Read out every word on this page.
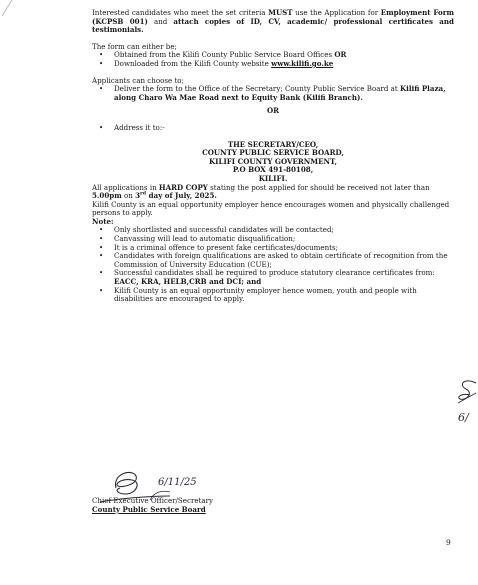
Interested candidates who meet the set criteria MUST use the Application for Employment Form (KCPSB 001) and attach copies of ID, CV, academic/ professional certificates and testimonials.

The form can either be;

• Obtained from the Kilifi County Public Service Board Offices OR
• Downloaded from the Kilifi County website www.kilifi.go.ke

Applicants can choose to;

• Deliver the form to the Office of the Secretary; County Public Service Board at Kilifi Plaza, along Charo Wa Mae Road next to Equity Bank (Kilifi Branch).

OR

• Address it to:-

THE SECRETARY/CEO,

COUNTY PUBLIC SERVICE BOARD,

KILIFI COUNTY GOVERNMENT,

P.O BOX 491-80108,

KILIFI.

All applications in HARD COPY stating the post applied for should be received not later than 5.00pm on 3rd day of July, 2025.

Kilifi County is an equal opportunity employer hence encourages women and physically challenged persons to apply.

Note:

• Only shortlisted and successful candidates will be contacted;
• Canvassing will lead to automatic disqualification;
• It is a criminal offence to present fake certificates/documents;
• Candidates with foreign qualifications are asked to obtain certificate of recognition from the Commission of University Education (CUE);
• Successful candidates shall be required to produce statutory clearance certificates from: EACC, KRA, HELB,CRB and DCI; and
• Kilifi County is an equal opportunity employer hence women, youth and people with disabilities are encouraged to apply.
6/11/25

Chief Executive Officer/Secretary

County Public Service Board

6/

9
